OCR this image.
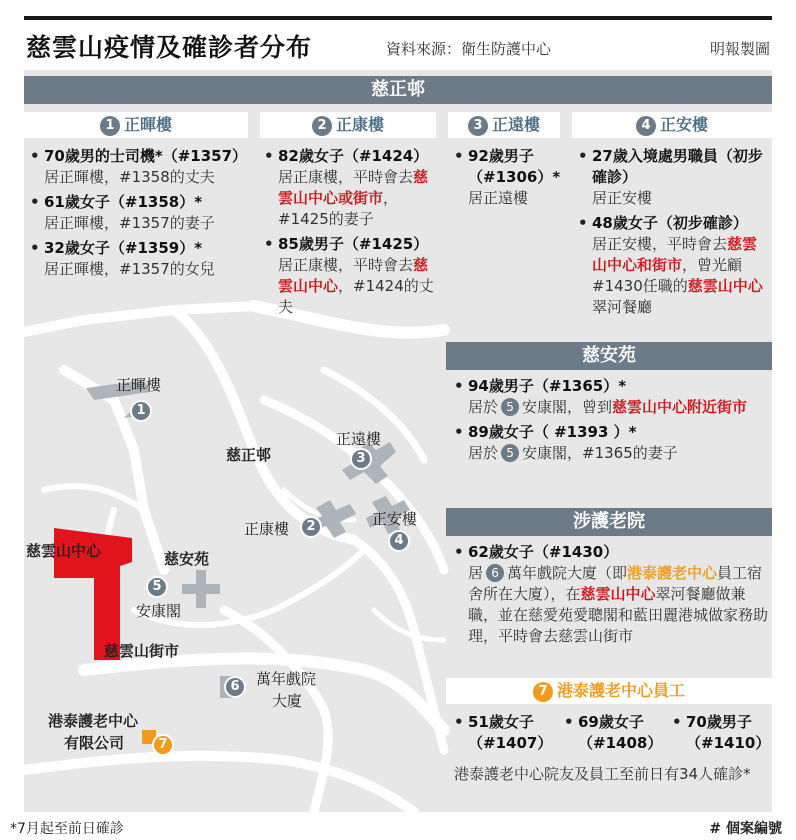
慈雲山疫情及確診者分布	資料來源：衛生防護中心	明報製圖
正暉樓
1
慈正邨
正遠樓
3
正康樓	2	正安樓
4
慈雲山中心	慈安苑
5
安康閣
慈雲山街市
6	萬年戲院
大廈
港泰護老中心
有限公司	7
慈正邨
1 正暉樓	2 正康樓	3 正遠樓	4 正安樓
• 70歲男的士司機*（#1357）
居正暉樓，#1358的丈夫
• 61歲女子（#1358）*
居正暉樓，#1357的妻子
• 32歲女子（#1359）*
居正暉樓，#1357的女兒
• 82歲女子（#1424）
居正康樓，平時會去慈雲山中心或街市，#1425的妻子
• 85歲男子（#1425）
居正康樓，平時會去慈雲山中心，#1424的丈夫
• 92歲男子（#1306）*
居正遠樓
• 27歲入境處男職員（初步確診）
居正安樓
• 48歲女子（初步確診）
居正安樓，平時會去慈雲山中心和街市，曾光顧#1430任職的慈雲山中心翠河餐廳
慈安苑
• 94歲男子（#1365）*
居於 5 安康閣，曾到慈雲山中心附近街市
• 89歲女子（ #1393 ）*
居於 5 安康閣，#1365的妻子
涉護老院
• 62歲女子（#1430）
居 6 萬年戲院大廈（即港泰護老中心員工宿舍所在大廈），在慈雲山中心翠河餐廳做兼職，並在慈愛苑愛聰閣和藍田麗港城做家務助理，平時會去慈雲山街市
7 港泰護老中心員工
• 51歲女子
（#1407）
• 69歲女子
（#1408）
• 70歲男子
（#1410）
港泰護老中心院友及員工至前日有34人確診*
*7月起至前日確診	# 個案編號
